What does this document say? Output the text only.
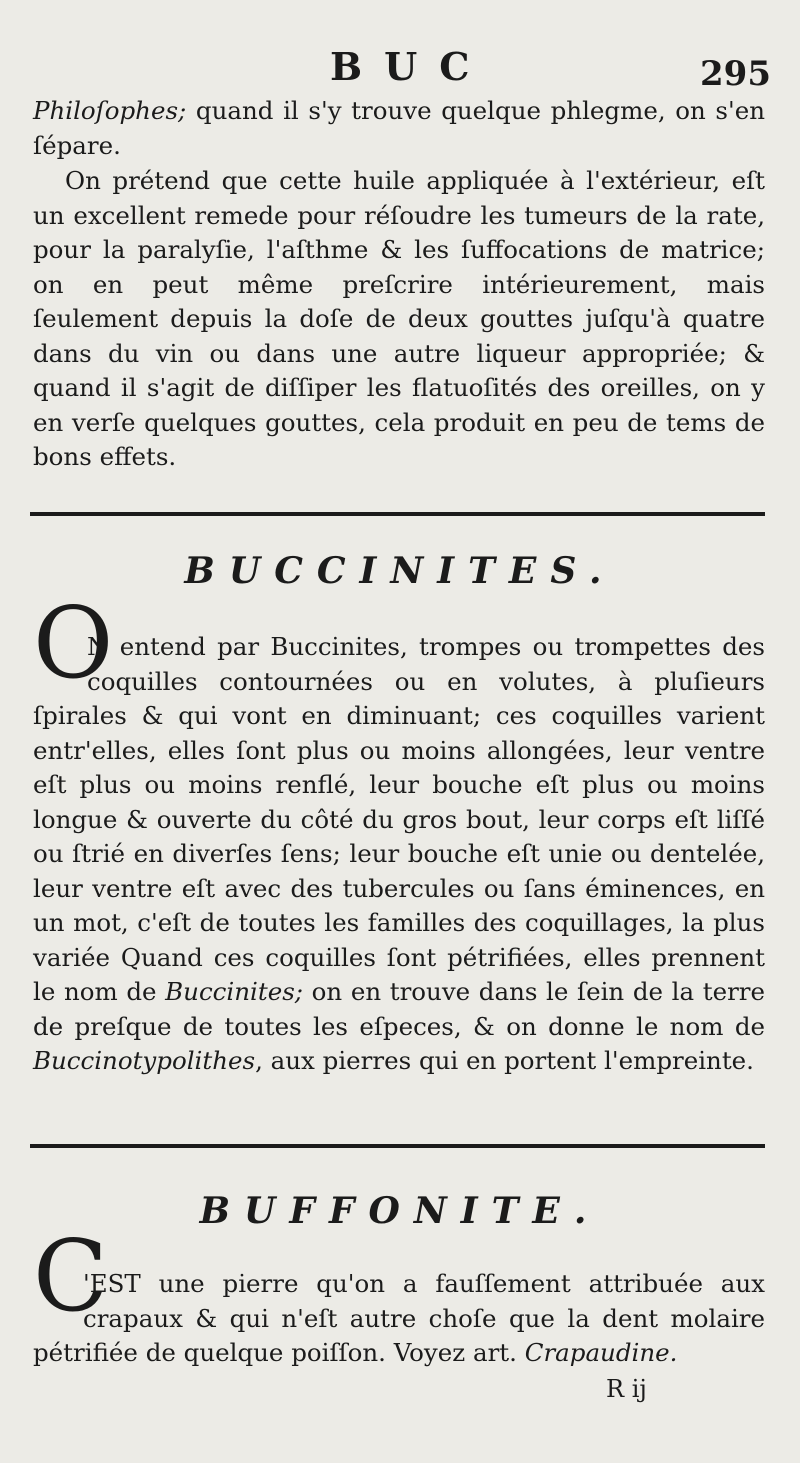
BUC	295

Philoſophes; quand il s'y trouve quelque phlegme, on s'en ſépare.

On prétend que cette huile appliquée à l'extérieur, eſt un excellent remede pour réſoudre les tumeurs de la rate, pour la paralyſie, l'aſthme & les ſuffocations de matrice; on en peut même preſcrire intérieurement, mais ſeulement depuis la doſe de deux gouttes juſqu'à quatre dans du vin ou dans une autre liqueur appropriée; & quand il s'agit de diſſiper les flatuoſités des oreilles, on y en verſe quelques gouttes, cela produit en peu de tems de bons effets.

BUCCINITES.
O

N entend par Buccinites, trompes ou trompettes des coquilles contournées ou en volutes, à pluſieurs ſpirales & qui vont en diminuant; ces coquilles varient entr'elles, elles ſont plus ou moins allongées, leur ventre eſt plus ou moins renflé, leur bouche eſt plus ou moins longue & ouverte du côté du gros bout, leur corps eſt liſſé ou ſtrié en diverſes ſens; leur bouche eſt unie ou dentelée, leur ventre eſt avec des tubercules ou ſans éminences, en un mot, c'eſt de toutes les familles des coquillages, la plus variée Quand ces coquilles ſont pétrifiées, elles prennent le nom de Buccinites; on en trouve dans le ſein de la terre de preſque de toutes les eſpeces, & on donne le nom de Buccinotypolithes, aux pierres qui en portent l'empreinte.

BUFFONITE.
C

'EST une pierre qu'on a fauſſement attribuée aux crapaux & qui n'eſt autre choſe que la dent molaire pétrifiée de quelque poiſſon. Voyez art. Crapaudine.

R ij
